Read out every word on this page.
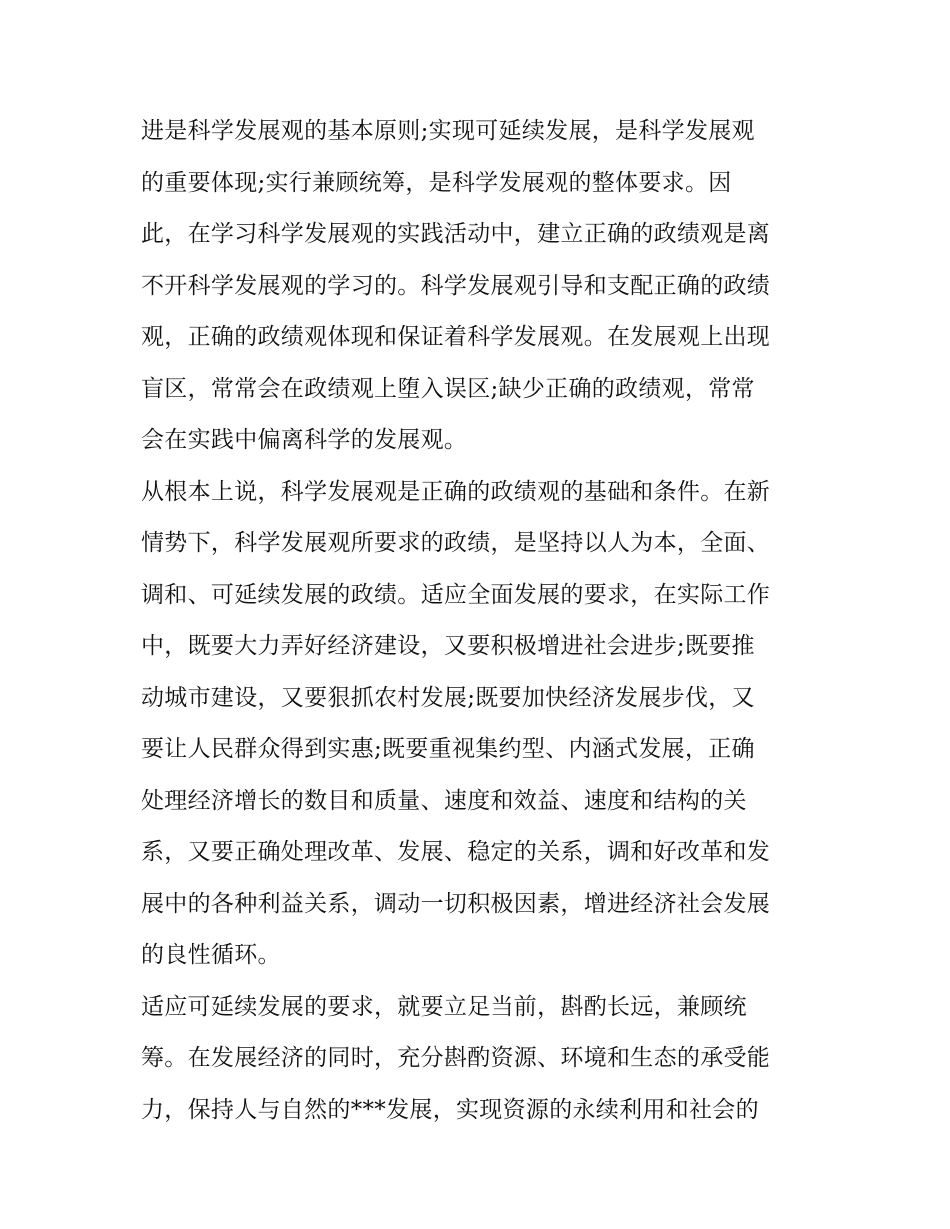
进是科学发展观的基本原则;实现可延续发展，是科学发展观
的重要体现;实行兼顾统筹，是科学发展观的整体要求。因
此，在学习科学发展观的实践活动中，建立正确的政绩观是离
不开科学发展观的学习的。科学发展观引导和支配正确的政绩
观，正确的政绩观体现和保证着科学发展观。在发展观上出现
盲区，常常会在政绩观上堕入误区;缺少正确的政绩观，常常
会在实践中偏离科学的发展观。
从根本上说，科学发展观是正确的政绩观的基础和条件。在新
情势下，科学发展观所要求的政绩，是坚持以人为本，全面、
调和、可延续发展的政绩。适应全面发展的要求，在实际工作
中，既要大力弄好经济建设，又要积极增进社会进步;既要推
动城市建设，又要狠抓农村发展;既要加快经济发展步伐，又
要让人民群众得到实惠;既要重视集约型、内涵式发展，正确
处理经济增长的数目和质量、速度和效益、速度和结构的关
系，又要正确处理改革、发展、稳定的关系，调和好改革和发
展中的各种利益关系，调动一切积极因素，增进经济社会发展
的良性循环。
适应可延续发展的要求，就要立足当前，斟酌长远，兼顾统
筹。在发展经济的同时，充分斟酌资源、环境和生态的承受能
力，保持人与自然的***发展，实现资源的永续利用和社会的
